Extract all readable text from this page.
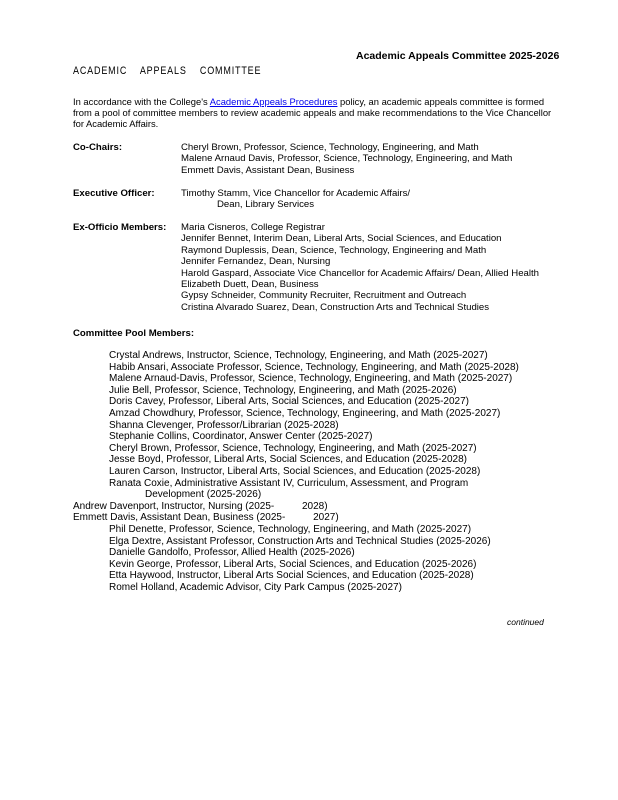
Academic Appeals Committee 2025-2026
ACADEMIC APPEALS COMMITTEE
In accordance with the College's Academic Appeals Procedures policy, an academic appeals committee is formed from a pool of committee members to review academic appeals and make recommendations to the Vice Chancellor for Academic Affairs.
Co-Chairs:	Cheryl Brown, Professor, Science, Technology, Engineering, and Math
Malene Arnaud Davis, Professor, Science, Technology, Engineering, and Math
Emmett Davis, Assistant Dean, Business
Executive Officer:	Timothy Stamm, Vice Chancellor for Academic Affairs/
Dean, Library Services
Ex-Officio Members: Maria Cisneros, College Registrar
Jennifer Bennet, Interim Dean, Liberal Arts, Social Sciences, and Education
Raymond Duplessis, Dean, Science, Technology, Engineering and Math
Jennifer Fernandez, Dean, Nursing
Harold Gaspard, Associate Vice Chancellor for Academic Affairs/ Dean, Allied Health
Elizabeth Duett, Dean, Business
Gypsy Schneider, Community Recruiter, Recruitment and Outreach
Cristina Alvarado Suarez, Dean, Construction Arts and Technical Studies
Committee Pool Members:
Crystal Andrews, Instructor, Science, Technology, Engineering, and Math (2025-2027)
Habib Ansari, Associate Professor, Science, Technology, Engineering, and Math (2025-2028)
Malene Arnaud-Davis, Professor, Science, Technology, Engineering, and Math (2025-2027)
Julie Bell, Professor, Science, Technology, Engineering, and Math (2025-2026)
Doris Cavey, Professor, Liberal Arts, Social Sciences, and Education (2025-2027)
Amzad Chowdhury, Professor, Science, Technology, Engineering, and Math (2025-2027)
Shanna Clevenger, Professor/Librarian (2025-2028)
Stephanie Collins, Coordinator, Answer Center (2025-2027)
Cheryl Brown, Professor, Science, Technology, Engineering, and Math (2025-2027)
Jesse Boyd, Professor, Liberal Arts, Social Sciences, and Education (2025-2028)
Lauren Carson, Instructor, Liberal Arts, Social Sciences, and Education (2025-2028)
Ranata Coxie, Administrative Assistant IV, Curriculum, Assessment, and Program
Development (2025-2026)
Andrew Davenport, Instructor, Nursing (2025-          2028)
Emmett Davis, Assistant Dean, Business (2025-          2027)
Phil Denette, Professor, Science, Technology, Engineering, and Math (2025-2027)
Elga Dextre, Assistant Professor, Construction Arts and Technical Studies (2025-2026)
Danielle Gandolfo, Professor, Allied Health (2025-2026)
Kevin George, Professor, Liberal Arts, Social Sciences, and Education (2025-2026)
Etta Haywood, Instructor, Liberal Arts Social Sciences, and Education (2025-2028)
Romel Holland, Academic Advisor, City Park Campus (2025-2027)
continued
